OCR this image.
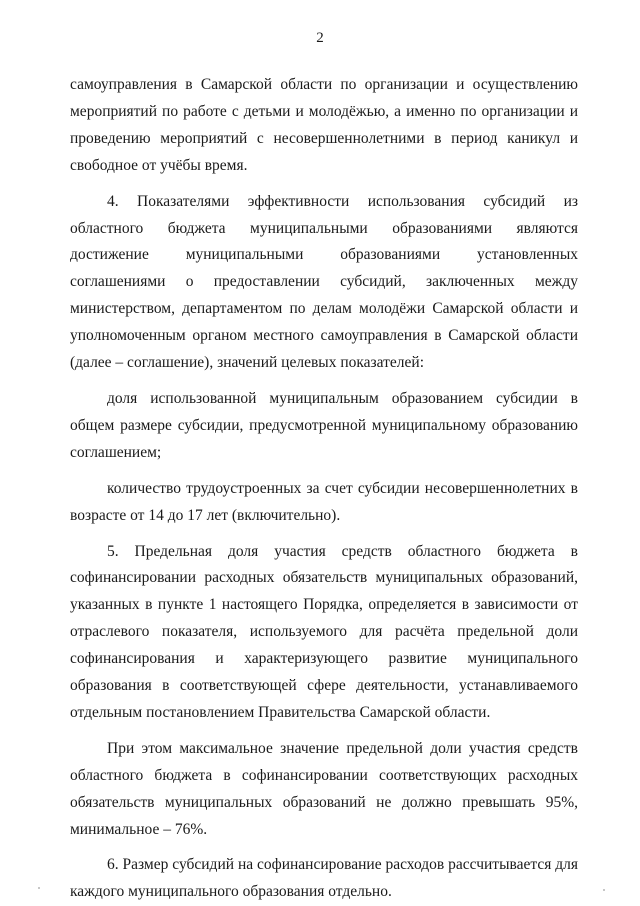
2

самоуправления в Самарской области по организации и осуществлению мероприятий по работе с детьми и молодёжью, а именно по организации и проведению мероприятий с несовершеннолетними в период каникул и свободное от учёбы время.

4. Показателями эффективности использования субсидий из областного бюджета муниципальными образованиями являются достижение муниципальными образованиями установленных соглашениями о предоставлении субсидий, заключенных между министерством, департаментом по делам молодёжи Самарской области и уполномоченным органом местного самоуправления в Самарской области (далее – соглашение), значений целевых показателей:

доля использованной муниципальным образованием субсидии в общем размере субсидии, предусмотренной муниципальному образованию соглашением;

количество трудоустроенных за счет субсидии несовершеннолетних в возрасте от 14 до 17 лет (включительно).

5. Предельная доля участия средств областного бюджета в софинансировании расходных обязательств муниципальных образований, указанных в пункте 1 настоящего Порядка, определяется в зависимости от отраслевого показателя, используемого для расчёта предельной доли софинансирования и характеризующего развитие муниципального образования в соответствующей сфере деятельности, устанавливаемого отдельным постановлением Правительства Самарской области.

При этом максимальное значение предельной доли участия средств областного бюджета в софинансировании соответствующих расходных обязательств муниципальных образований не должно превышать 95%, минимальное – 76%.

6. Размер субсидий на софинансирование расходов рассчитывается для каждого муниципального образования отдельно.
